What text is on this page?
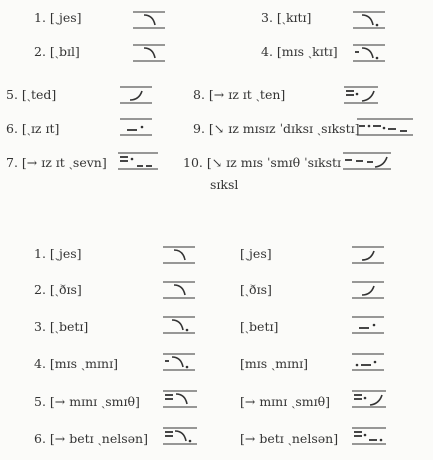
1. [ˏjes]	3. [ˏkɪtɪ]
2. [ˏbɪl]	4. [mɪs ˏkɪtɪ]
5. [ˏted]	8. [→ ɪz ɪt ˏten]
6. [ˏɪz ɪt]	9. [↘ ɪz mɪsɪz ˈdɪksɪ ˏsɪkstɪ]
7. [→ ɪz ɪt ˏsevn]	10. [↘ ɪz mɪs ˈsmɪθ ˈsɪkstɪ
sɪksl
1. [ˏjes]	[ˏjes]
2. [ˏðɪs]	[ˏðɪs]
3. [ˏbetɪ]	[ˏbetɪ]
4. [mɪs ˏmɪnɪ]	[mɪs ˏmɪnɪ]
5. [→ mɪnɪ ˏsmɪθ]	[→ mɪnɪ ˏsmɪθ]
6. [→ betɪ ˏnelsən]	[→ betɪ ˏnelsən]
